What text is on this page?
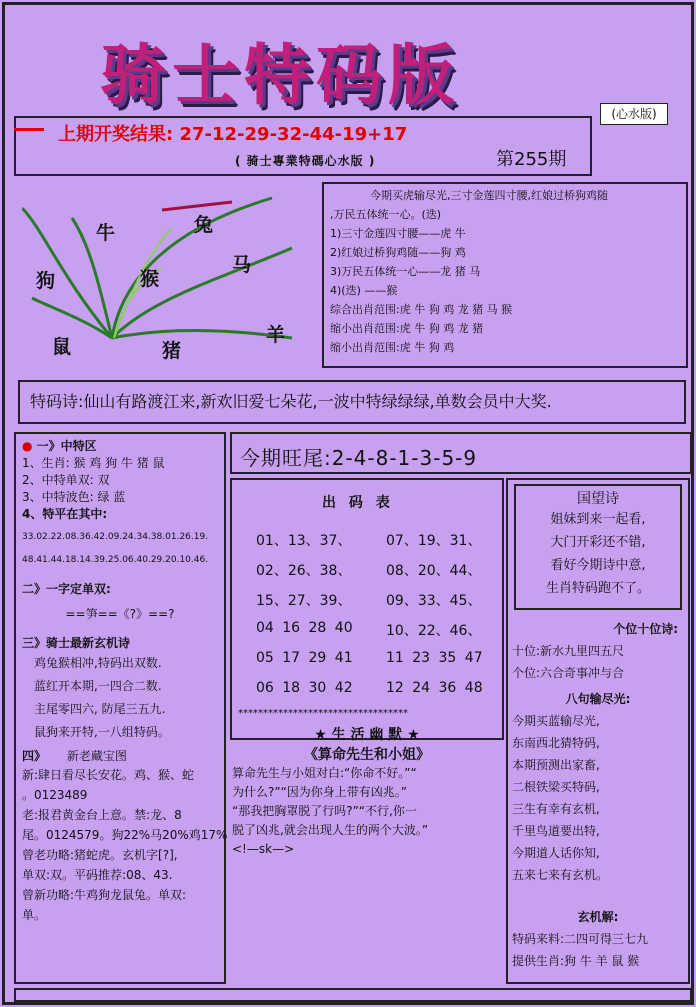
骑士特码版	(心水版)
上期开奖结果: 27-12-29-32-44-19+17
( 骑士專業特碼心水版 )	第255期
牛	兔
狗	猴
马
鼠	猪
羊

今期买虎输尽光,三寸金莲四寸腰,红娘过桥狗鸡随

,万民五体统一心。(迭)

1)三寸金莲四寸腰——虎 牛

2)红娘过桥狗鸡随——狗 鸡

3)万民五体统一心——龙 猪 马

4)(迭) ——猴

综合出肖范围:虎 牛 狗 鸡 龙 猪 马 猴

缩小出肖范围:虎 牛 狗 鸡 龙 猪

缩小出肖范围:虎 牛 狗 鸡

特码诗:仙山有路渡江来,新欢旧爱七朵花,一波中特绿绿绿,单数会员中大奖.

● 一》中特区

1、生肖: 猴 鸡 狗 牛 猪 鼠

2、中特单双: 双

3、中特波色: 绿 蓝

4、特平在其中:

33.02.22.08.36.42.09.24.34.38.01.26.19.

48.41.44.18.14.39.25.06.40.29.20.10.46.

二》一字定单双:

==笋==《?》==?

三》骑士最新玄机诗

鸡兔猴相冲,特码出双数.

蓝红开本期,一四合二数.

主尾零四六, 防尾三五九.

鼠狗来开特,一八组特码。

四》 新老藏宝图

新:肆日看尽长安花。鸡、猴、蛇

。0123489

老:报君黄金台上意。禁:龙、8

尾。0124579。狗22%马20%鸡17%

曾老功略:猪蛇虎。玄机字[?],

单双:双。平码推荐:08、43.

曾新功略:牛鸡狗龙鼠兔。单双:

单。

今期旺尾:2-4-8-1-3-5-9
出 码 表
01、13、37、 07、19、31、
02、26、38、 08、20、44、
15、27、39、 09、33、45、
04 16 28 40 10、22、46、
05 17 29 41 11 23 35 47
06 18 30 42 12 24 36 48
**********************************
★ 生 活 幽 默 ★
《算命先生和小姐》
算命先生与小姐对白:“你命不好。”“
为什么?”“因为你身上带有凶兆。”
“那我把胸罩脱了行吗?”“不行,你一
脱了凶兆,就会出现人生的两个大波。”
<!—sk—>
国望诗
姐妹到来一起看,
大门开彩还不错,
看好今期诗中意,
生肖特码跑不了。
个位十位诗:
十位:新水九里四五尺
个位:六合奇事冲与合
八句输尽光:
今期买蓝输尽光,
东南西北猜特码,
本期预测出家畜,
二根铁梁买特码,
三生有幸有玄机,
千里鸟道要出特,
今期道人话你知,
五来七来有玄机。
玄机解:
特码来料:二四可得三七九
提供生肖:狗 牛 羊 鼠 猴
